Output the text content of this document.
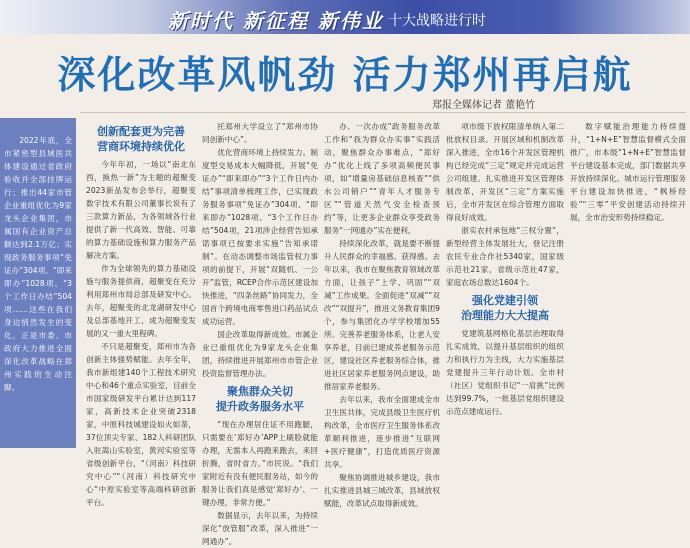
新时代 新征程 新伟业 十大战略进行时
深化改革风帆劲 活力郑州再启航
郑报全媒体记者 董艳竹

2022年底，全市紧密型县域医共体建设通过省政府验收并全部挂牌运行；推出44家市管企业重组优化为9家龙头企业集团，市属国有企业资产总额达到2.1万亿；实现政务服务事项“免证办”304项、“即来即办”1028项、“3个工作日办结”504项……这些在我们身边悄然发生的变化，正是市委、市政府大力推进全面深化改革战略在郑州实践的生动注脚。

创新配套更为完善
营商环境持续优化

今年年初，一场以“南北东西，换热一新”为主题的超聚变2023新品发布会举行，超聚变数字技术有限公司董事长说有了三款算力新品，为各领域各行业提供了新一代高效、智能、可靠的算力基础设施和算力服务产品解决方案。

作为全球领先的算力基础设施与服务提供商，超聚变在充分利用郑州市局总部及研发中心。去年，超聚变的北龙湖研发中心及总部基地开工，成为超聚变发展的又一重大里程碑。

不只是超聚变，郑州市为各创新主体强势赋能。去年全年，我市新组建140个工程技术研究中心和46个重点实验室，目前全市国家级研发平台累计达到117家，高新技术企业突破2318家，中原科技城建设如火如荼，37位顶尖专家、182人科研团队入驻嵩山实验室，黄河实验室等省级创新平台，“（河南）科技研究中心”“（河南）科技研究中心”中原实验室等高端科研创新平台。

托郑州大学设立了“郑州市协同创新中心”。

优化营商环境上持续发力。制度型交易成本大幅降低，开展“免证办”“即来即办”“3个工作日内办结”事项清单梳理工作，已实现政务服务事项“免证办”304项、“即来即办”1028项、“3个工作日办结”504项，21项涉企经营告知承诺事项已按要求实施“告知承诺制”。在动态调整市场监管权力事项的前提下，开展“双随机、一公开”监管，RCEP合作示范区建设加快推进，“四条丝路”协同发力，全国首个跨境电商零售进口药品试点成功运营。

国企改革取得新成效。市属企业已重组优化为9家龙头企业集团，持续推进开展郑州市市管企业投资监督管理办法。

聚焦群众关切
提升政务服务水平

“现在办理居住证不用跑腿，只需要在‘郑好办’APP上刷脸就能办理，无需本人再跑来跑去，来回折腾，省时省力。”市民说。“我们家附近有没有便民服务站，如今的服务让我们真是感觉'郑好办'、一键办理，非常方便。”

数据显示，去年以来，为持续深化“放管服”改革，深入推进“一网通办”。

办、一次办成”政务服务改革工作和“我为群众办实事”实践活动，聚焦群众办事难点，“郑好办”优化上线了多项高频便民事项，如“增量房基础信息核查”“供水公司销户”“青年人才服务专区”“管道天然气安全检查预约”等，让更多企业群众享受政务服务“一网通办”实在便利。

持续深化改革，就是要不断提升人民群众的幸福感、获得感。去年以来，我市在聚焦教育领域改革方面，让孩子“上学、巩固”“双减”工作成果。全面促进“双减”“双改”“双提升”，推进义务教育集团9个，参与集团化办学学校增加55所。完善养老服务体系，让老人安享养老，目前已建成养老服务示范区，建设社区养老服务综合体，推进社区居家养老服务网点建设，助推居家养老服务。

去年以来，我市全面建成全市卫生医共体，完成县级卫生医疗机构改革，全市医疗卫生服务体系改革顺利推进，逐步推进“互联网+医疗健康”，打造优质医疗资源共享。

聚焦协调推进城乡建设，我市扎实推进县城三城改革，县域放权赋能，改革试点取得新成效。

项市级下放权限清单纳入第二批放权目录。开展区域和机制改革深入推进，全市16个开发区管理机构已经完成“三定”规定并完成运营公司组建。扎实推进开发区管理体制改革，开发区“三定”方案实施后，全市开发区在综合管理方面取得良好成效。

浙实农村承包地“三权分置”，新型经营主体发展壮大，登记注册农民专业合作社5340家，国家级示范社21家，省级示范社47家，家庭农场总数达1604个。

强化党建引领
治理能力大大提高

党建筑基网格化基层治理取得扎实成效，以提升基层组织的组织力和执行力为主线，大力实施基层党建提升三年行动计划。全市村（社区）党组织书记“一肩挑”比例达到99.7%，一批基层党组织建设示范点建成运行。

数字赋能治理能力持续提升，“1+N+E”智慧监督模式全面推广，市本级“1+N+E”智慧监督平台建设基本完成，部门数据共享开放持续深化。城市运行管理服务平台建设加快推进，“枫桥经验”“三零”平安创建活动持续开展，全市治安形势持续稳定。
